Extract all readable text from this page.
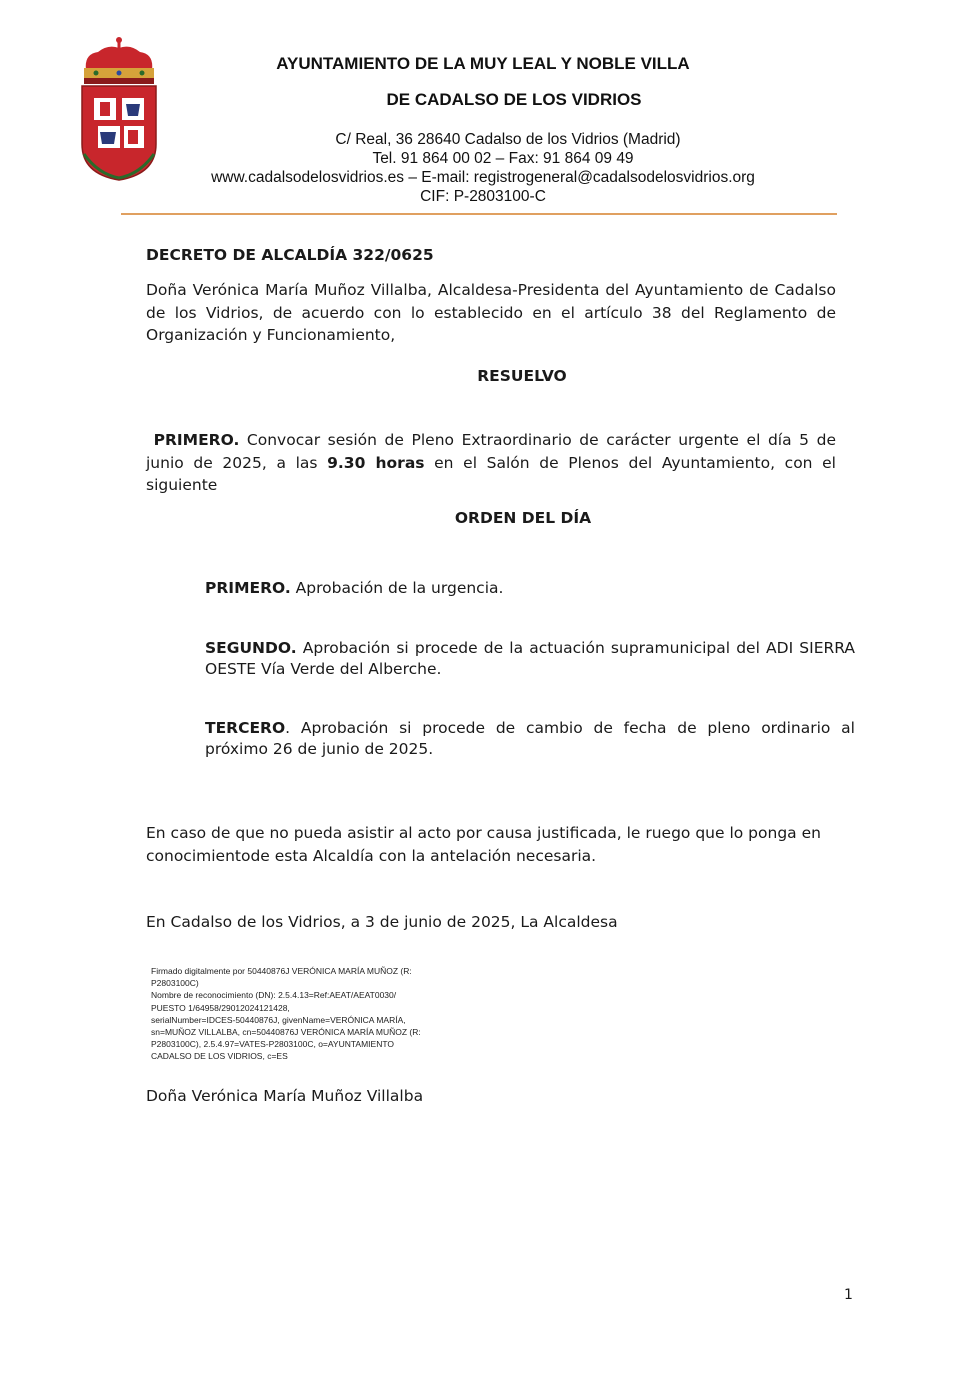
AYUNTAMIENTO DE LA MUY LEAL Y NOBLE VILLA
DE CADALSO DE LOS VIDRIOS
C/ Real, 36 28640 Cadalso de los Vidrios (Madrid)
Tel. 91 864 00 02 – Fax: 91 864 09 49
www.cadalsodelosvidrios.es – E-mail: registrogeneral@cadalsodelosvidrios.org
CIF: P-2803100-C
DECRETO DE ALCALDÍA 322/0625
Doña Verónica María Muñoz Villalba, Alcaldesa-Presidenta del Ayuntamiento de Cadalso de los Vidrios, de acuerdo con lo establecido en el artículo 38 del Reglamento de Organización y Funcionamiento,
RESUELVO
PRIMERO. Convocar sesión de Pleno Extraordinario de carácter urgente el día 5 de junio de 2025, a las 9.30 horas en el Salón de Plenos del Ayuntamiento, con el siguiente
ORDEN DEL DÍA
PRIMERO. Aprobación de la urgencia.
SEGUNDO. Aprobación si procede de la actuación supramunicipal del ADI SIERRA OESTE Vía Verde del Alberche.
TERCERO. Aprobación si procede de cambio de fecha de pleno ordinario al próximo 26 de junio de 2025.
En caso de que no pueda asistir al acto por causa justificada, le ruego que lo ponga en conocimientode esta Alcaldía con la antelación necesaria.
En Cadalso de los Vidrios, a 3 de junio de 2025, La Alcaldesa
Firmado digitalmente por 50440876J VERÓNICA MARÍA MUÑOZ (R:
P2803100C)
Nombre de reconocimiento (DN): 2.5.4.13=Ref:AEAT/AEAT0030/
PUESTO 1/64958/29012024121428,
serialNumber=IDCES-50440876J, givenName=VERÓNICA MARÍA,
sn=MUÑOZ VILLALBA, cn=50440876J VERÓNICA MARÍA MUÑOZ (R:
P2803100C), 2.5.4.97=VATES-P2803100C, o=AYUNTAMIENTO
CADALSO DE LOS VIDRIOS, c=ES
Doña Verónica María Muñoz Villalba
1
